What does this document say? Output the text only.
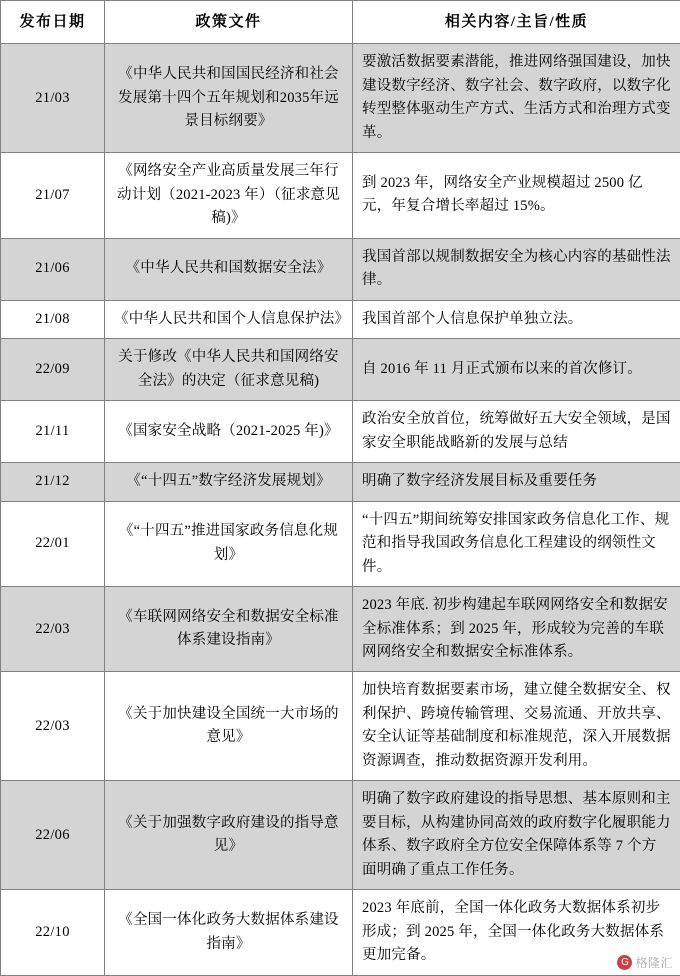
发布日期	政策文件	相关内容/主旨/性质
21/03	《中华人民共和国国民经济和社会发展第十四个五年规划和2035年远景目标纲要》	要激活数据要素潜能，推进网络强国建设，加快建设数字经济、数字社会、数字政府，以数字化转型整体驱动生产方式、生活方式和治理方式变革。
21/07	《网络安全产业高质量发展三年行动计划（2021-2023 年）（征求意见稿)》	到 2023 年，网络安全产业规模超过 2500 亿元，年复合增长率超过 15%。
21/06	《中华人民共和国数据安全法》	我国首部以规制数据安全为核心内容的基础性法律。
21/08	《中华人民共和国个人信息保护法》	我国首部个人信息保护单独立法。
22/09	关于修改《中华人民共和国网络安全法》的决定（征求意见稿)	自 2016 年 11 月正式颁布以来的首次修订。
21/11	《国家安全战略（2021-2025 年)》	政治安全放首位，统筹做好五大安全领域，是国家安全职能战略新的发展与总结
21/12	《“十四五”数字经济发展规划》	明确了数字经济发展目标及重要任务
22/01	《“十四五”推进国家政务信息化规划》	“十四五”期间统筹安排国家政务信息化工作、规范和指导我国政务信息化工程建设的纲领性文件。
22/03	《车联网网络安全和数据安全标准体系建设指南》	2023 年底. 初步构建起车联网网络安全和数据安全标准体系；到 2025 年，形成较为完善的车联网网络安全和数据安全标准体系。
22/03	《关于加快建设全国统一大市场的意见》	加快培育数据要素市场，建立健全数据安全、权利保护、跨境传输管理、交易流通、开放共享、安全认证等基础制度和标准规范，深入开展数据资源调查，推动数据资源开发利用。
22/06	《关于加强数字政府建设的指导意见》	明确了数字政府建设的指导思想、基本原则和主要目标，从构建协同高效的政府数字化履职能力体系、数字政府全方位安全保障体系等 7 个方面明确了重点工作任务。
22/10	《全国一体化政务大数据体系建设指南》	2023 年底前，全国一体化政务大数据体系初步形成；到 2025 年，全国一体化政务大数据体系更加完备。	G 格隆汇
